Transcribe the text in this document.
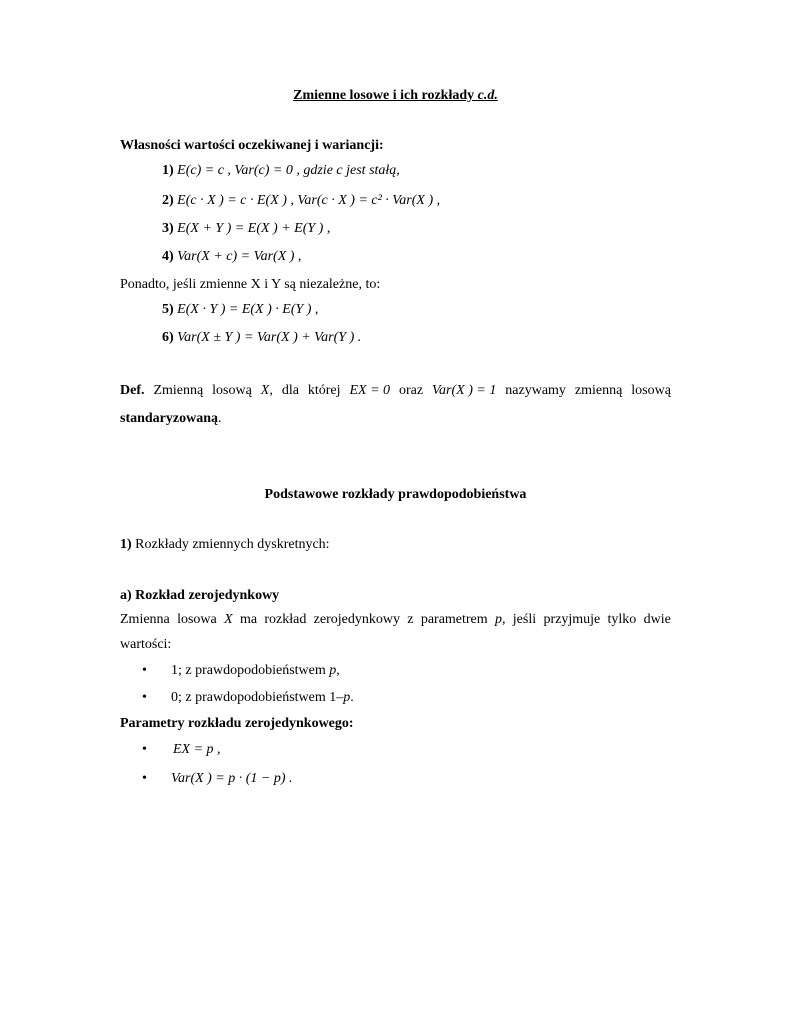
Zmienne losowe i ich rozkłady c.d.
Własności wartości oczekiwanej i wariancji:
1) E(c) = c , Var(c) = 0 , gdzie c jest stałą,
2) E(c · X ) = c · E(X ) , Var(c · X ) = c² · Var(X ) ,
3) E(X + Y ) = E(X ) + E(Y ) ,
4) Var(X + c) = Var(X ) ,
Ponadto, jeśli zmienne X i Y są niezależne, to:
5) E(X · Y ) = E(X ) · E(Y ) ,
6) Var(X ± Y ) = Var(X ) + Var(Y ) .
Def. Zmienną losową X, dla której EX = 0 oraz Var(X ) = 1 nazywamy zmienną losową
standaryzowaną.
Podstawowe rozkłady prawdopodobieństwa
1) Rozkłady zmiennych dyskretnych:
a) Rozkład zerojedynkowy
Zmienna losowa X ma rozkład zerojedynkowy z parametrem p, jeśli przyjmuje tylko dwie
wartości:
• 1; z prawdopodobieństwem p,
• 0; z prawdopodobieństwem 1–p.
Parametry rozkładu zerojedynkowego:
• EX = p ,
• Var(X ) = p · (1 − p) .
